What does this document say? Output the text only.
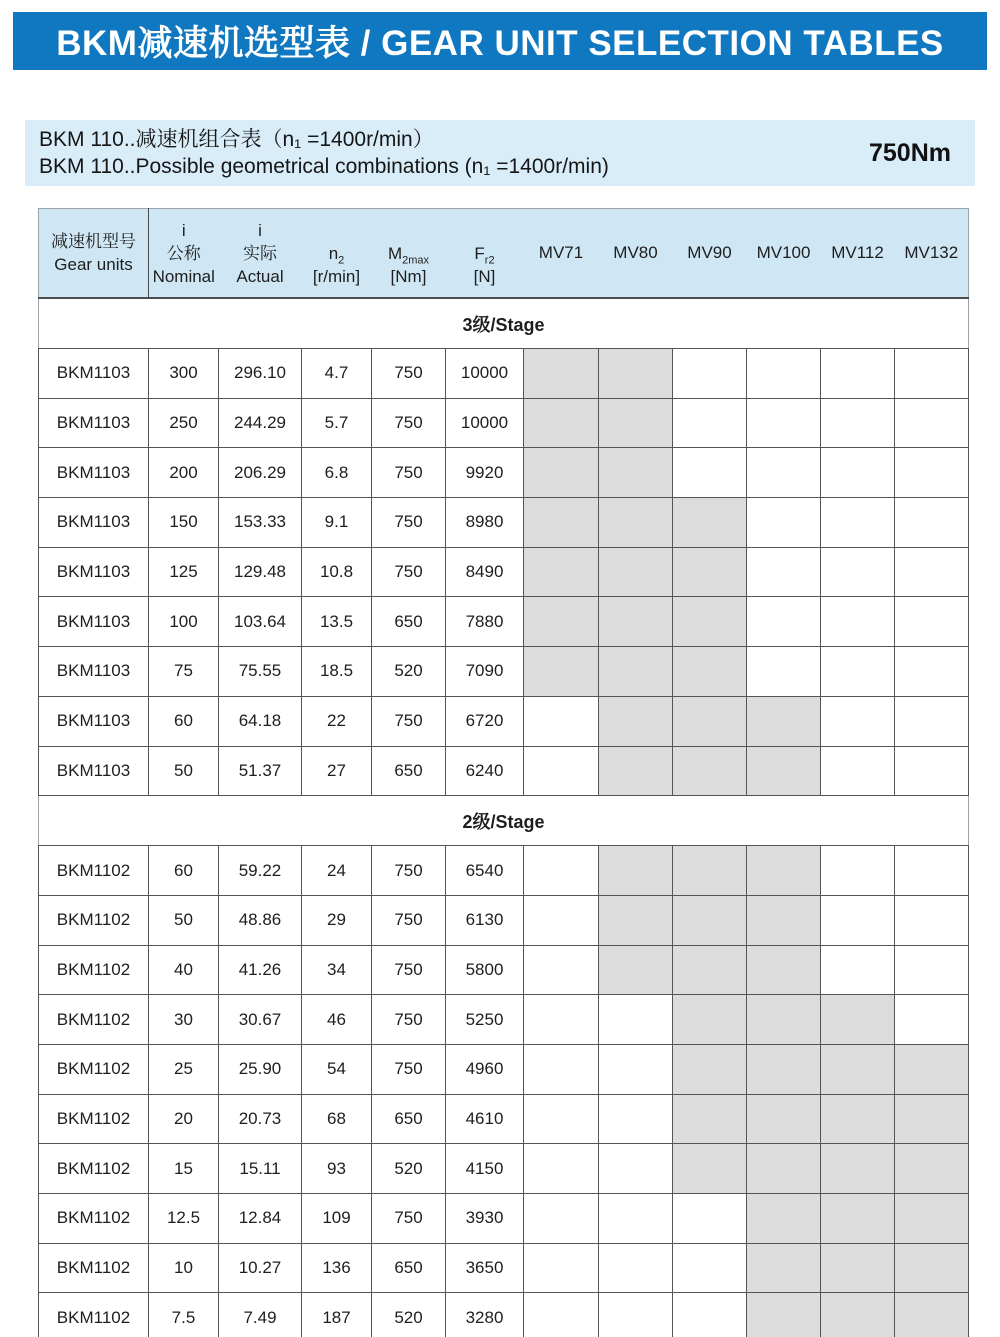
BKM减速机选型表 / GEAR UNIT SELECTION TABLES
BKM 110..减速机组合表（n₁ =1400r/min）
BKM 110..Possible geometrical combinations (n₁ =1400r/min)	750Nm
减速机型号
Gear units

i
公称
Nominal

i
实际
Actual

$n_2$
[r/min]

$M_{2max}$
[Nm]

$F_{r2}$
[N]
	MV71	MV80	MV90	MV100	MV112	MV132
3级/Stage											
BKM1103	300	296.10	4.7	750	10000						
BKM1103	250	244.29	5.7	750	10000						
BKM1103	200	206.29	6.8	750	9920						
BKM1103	150	153.33	9.1	750	8980						
BKM1103	125	129.48	10.8	750	8490						
BKM1103	100	103.64	13.5	650	7880						
BKM1103	75	75.55	18.5	520	7090						
BKM1103	60	64.18	22	750	6720						
BKM1103	50	51.37	27	650	6240						
2级/Stage											
BKM1102	60	59.22	24	750	6540						
BKM1102	50	48.86	29	750	6130						
BKM1102	40	41.26	34	750	5800						
BKM1102	30	30.67	46	750	5250						
BKM1102	25	25.90	54	750	4960						
BKM1102	20	20.73	68	650	4610						
BKM1102	15	15.11	93	520	4150						
BKM1102	12.5	12.84	109	750	3930						
BKM1102	10	10.27	136	650	3650						
BKM1102	7.5	7.49	187	520	3280						
